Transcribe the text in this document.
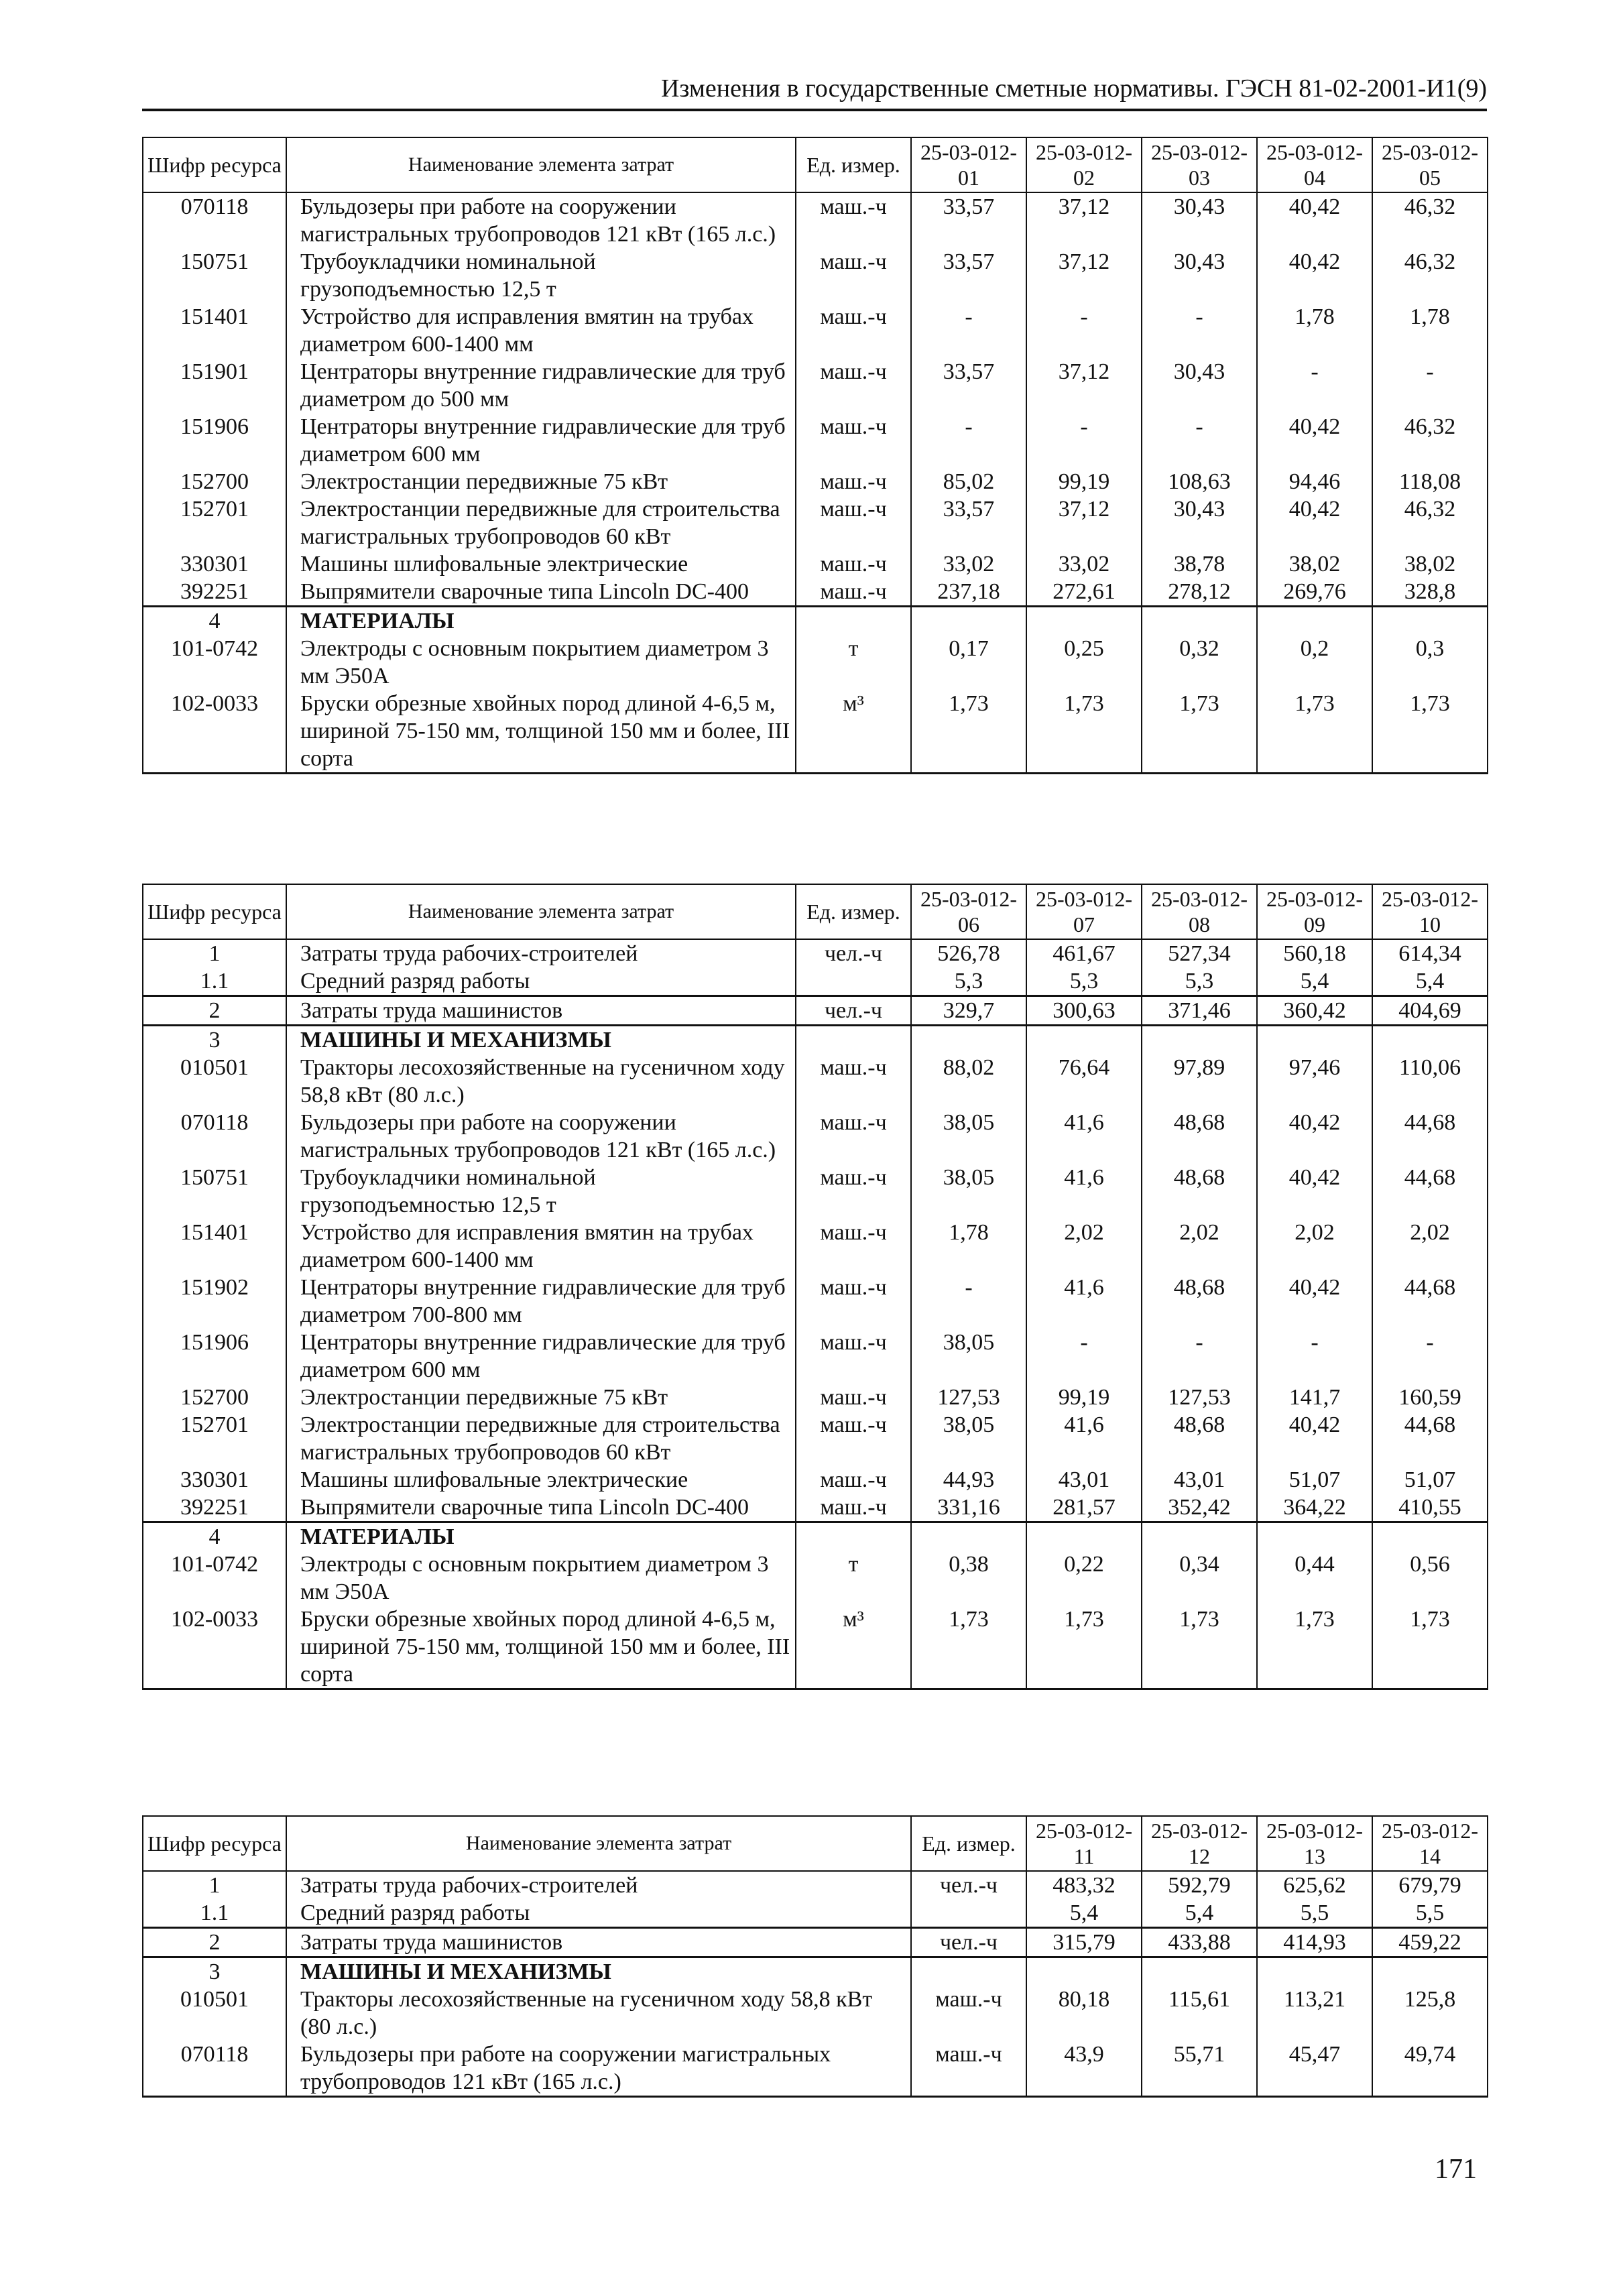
Изменения в государственные сметные нормативы. ГЭСН 81-02-2001-И1(9)
Шифр ресурса	Наименование элемента затрат	Ед. измер.	25-03-012-01	25-03-012-02	25-03-012-03	25-03-012-04	25-03-012-05
070118	Бульдозеры при работе на сооружении магистральных трубопроводов 121 кВт (165 л.с.)	маш.-ч	33,57	37,12	30,43	40,42	46,32
150751	Трубоукладчики номинальной грузоподъемностью 12,5 т	маш.-ч	33,57	37,12	30,43	40,42	46,32
151401	Устройство для исправления вмятин на трубах диаметром 600-1400 мм	маш.-ч	-	-	-	1,78	1,78
151901	Центраторы внутренние гидравлические для труб диаметром до 500 мм	маш.-ч	33,57	37,12	30,43	-	-
151906	Центраторы внутренние гидравлические для труб диаметром 600 мм	маш.-ч	-	-	-	40,42	46,32
152700	Электростанции передвижные 75 кВт	маш.-ч	85,02	99,19	108,63	94,46	118,08
152701	Электростанции передвижные для строительства магистральных трубопроводов 60 кВт	маш.-ч	33,57	37,12	30,43	40,42	46,32
330301	Машины шлифовальные электрические	маш.-ч	33,02	33,02	38,78	38,02	38,02
392251	Выпрямители сварочные типа Lincoln DC-400	маш.-ч	237,18	272,61	278,12	269,76	328,8
4	МАТЕРИАЛЫ						
101-0742	Электроды с основным покрытием диаметром 3 мм Э50А	т	0,17	0,25	0,32	0,2	0,3
102-0033	Бруски обрезные хвойных пород длиной 4-6,5 м, шириной 75-150 мм, толщиной 150 мм и более, III сорта	м³	1,73	1,73	1,73	1,73	1,73
Шифр ресурса	Наименование элемента затрат	Ед. измер.	25-03-012-06	25-03-012-07	25-03-012-08	25-03-012-09	25-03-012-10
1	Затраты труда рабочих-строителей	чел.-ч	526,78	461,67	527,34	560,18	614,34
1.1	Средний разряд работы		5,3	5,3	5,3	5,4	5,4
2	Затраты труда машинистов	чел.-ч	329,7	300,63	371,46	360,42	404,69
3	МАШИНЫ И МЕХАНИЗМЫ						
010501	Тракторы лесохозяйственные на гусеничном ходу 58,8 кВт (80 л.с.)	маш.-ч	88,02	76,64	97,89	97,46	110,06
070118	Бульдозеры при работе на сооружении магистральных трубопроводов 121 кВт (165 л.с.)	маш.-ч	38,05	41,6	48,68	40,42	44,68
150751	Трубоукладчики номинальной грузоподъемностью 12,5 т	маш.-ч	38,05	41,6	48,68	40,42	44,68
151401	Устройство для исправления вмятин на трубах диаметром 600-1400 мм	маш.-ч	1,78	2,02	2,02	2,02	2,02
151902	Центраторы внутренние гидравлические для труб диаметром 700-800 мм	маш.-ч	-	41,6	48,68	40,42	44,68
151906	Центраторы внутренние гидравлические для труб диаметром 600 мм	маш.-ч	38,05	-	-	-	-
152700	Электростанции передвижные 75 кВт	маш.-ч	127,53	99,19	127,53	141,7	160,59
152701	Электростанции передвижные для строительства магистральных трубопроводов 60 кВт	маш.-ч	38,05	41,6	48,68	40,42	44,68
330301	Машины шлифовальные электрические	маш.-ч	44,93	43,01	43,01	51,07	51,07
392251	Выпрямители сварочные типа Lincoln DC-400	маш.-ч	331,16	281,57	352,42	364,22	410,55
4	МАТЕРИАЛЫ						
101-0742	Электроды с основным покрытием диаметром 3 мм Э50А	т	0,38	0,22	0,34	0,44	0,56
102-0033	Бруски обрезные хвойных пород длиной 4-6,5 м, шириной 75-150 мм, толщиной 150 мм и более, III сорта	м³	1,73	1,73	1,73	1,73	1,73
Шифр ресурса	Наименование элемента затрат	Ед. измер.	25-03-012-11	25-03-012-12	25-03-012-13	25-03-012-14
1	Затраты труда рабочих-строителей	чел.-ч	483,32	592,79	625,62	679,79
1.1	Средний разряд работы		5,4	5,4	5,5	5,5
2	Затраты труда машинистов	чел.-ч	315,79	433,88	414,93	459,22
3	МАШИНЫ И МЕХАНИЗМЫ					
010501	Тракторы лесохозяйственные на гусеничном ходу 58,8 кВт (80 л.с.)	маш.-ч	80,18	115,61	113,21	125,8
070118	Бульдозеры при работе на сооружении магистральных трубопроводов 121 кВт (165 л.с.)	маш.-ч	43,9	55,71	45,47	49,74
171
